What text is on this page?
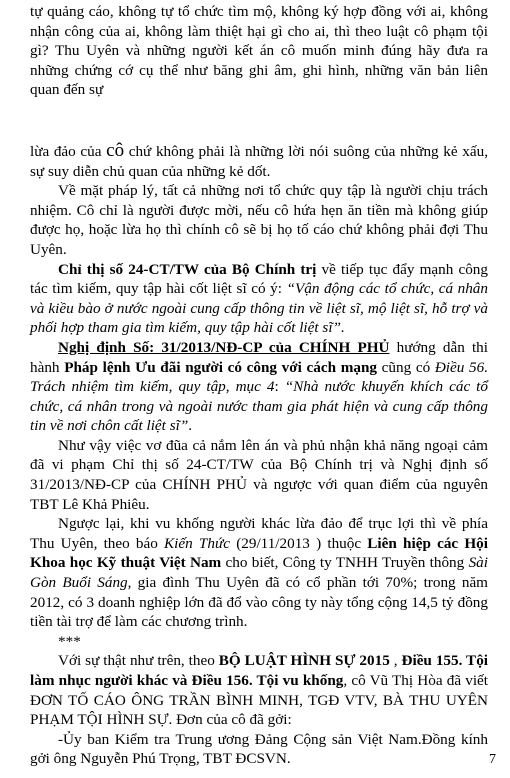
tự quảng cáo, không tự tổ chức tìm mộ, không ký hợp đồng với ai, không nhận công của ai, không làm thiệt hại gì cho ai, thì theo luật cô phạm tội gì? Thu Uyên và những người kết án cô muốn minh đúng hãy đưa ra những chứng cớ cụ thể như băng ghi âm, ghi hình, những văn bản liên quan đến sự

lừa đảo của cô chứ không phải là những lời nói suông của những kẻ xấu, sự suy diễn chủ quan của những kẻ dốt.

Về mặt pháp lý, tất cả những nơi tổ chức quy tập là người chịu trách nhiệm. Cô chỉ là người được mời, nếu cô hứa hẹn ăn tiền mà không giúp được họ, hoặc lừa họ thì chính cô sẽ bị họ tố cáo chứ không phải đợi Thu Uyên.

Chỉ thị số 24-CT/TW của Bộ Chính trị về tiếp tục đẩy mạnh công tác tìm kiếm, quy tập hài cốt liệt sĩ có ý: “Vận động các tổ chức, cá nhân và kiều bào ở nước ngoài cung cấp thông tin về liệt sĩ, mộ liệt sĩ, hỗ trợ và phối hợp tham gia tìm kiếm, quy tập hài cốt liệt sĩ”.

Nghị định Số: 31/2013/NĐ-CP của CHÍNH PHỦ hướng dẫn thi hành Pháp lệnh Ưu đãi người có công với cách mạng cũng có Điều 56. Trách nhiệm tìm kiếm, quy tập, mục 4: “Nhà nước khuyến khích các tổ chức, cá nhân trong và ngoài nước tham gia phát hiện và cung cấp thông tin về nơi chôn cất liệt sĩ”.

Như vậy việc vơ đũa cả nắm lên án và phủ nhận khả năng ngoại cảm đã vi phạm Chỉ thị số 24-CT/TW của Bộ Chính trị và Nghị định số 31/2013/NĐ-CP của CHÍNH PHỦ và ngược với quan điểm của nguyên TBT Lê Khả Phiêu.

Ngược lại, khi vu khống người khác lừa đảo để trục lợi thì về phía Thu Uyên, theo báo Kiến Thức (29/11/2013 ) thuộc Liên hiệp các Hội Khoa học Kỹ thuật Việt Nam cho biết, Công ty TNHH Truyền thông Sài Gòn Buổi Sáng, gia đình Thu Uyên đã có cổ phần tới 70%; trong năm 2012, có 3 doanh nghiệp lớn đã đổ vào công ty này tổng cộng 14,5 tỷ đồng tiền tài trợ để làm các chương trình.

***

Với sự thật như trên, theo BỘ LUẬT HÌNH SỰ 2015 , Điều 155. Tội làm nhục người khác và Điều 156. Tội vu khống, cô Vũ Thị Hòa đã viết ĐƠN TỐ CÁO ÔNG TRẦN BÌNH MINH, TGĐ VTV, BÀ THU UYÊN PHẠM TỘI HÌNH SỰ. Đơn của cô đã gởi:

-Ủy ban Kiểm tra Trung ương Đảng Cộng sản Việt Nam.Đồng kính gởi ông Nguyễn Phú Trọng, TBT ĐCSVN.	7
